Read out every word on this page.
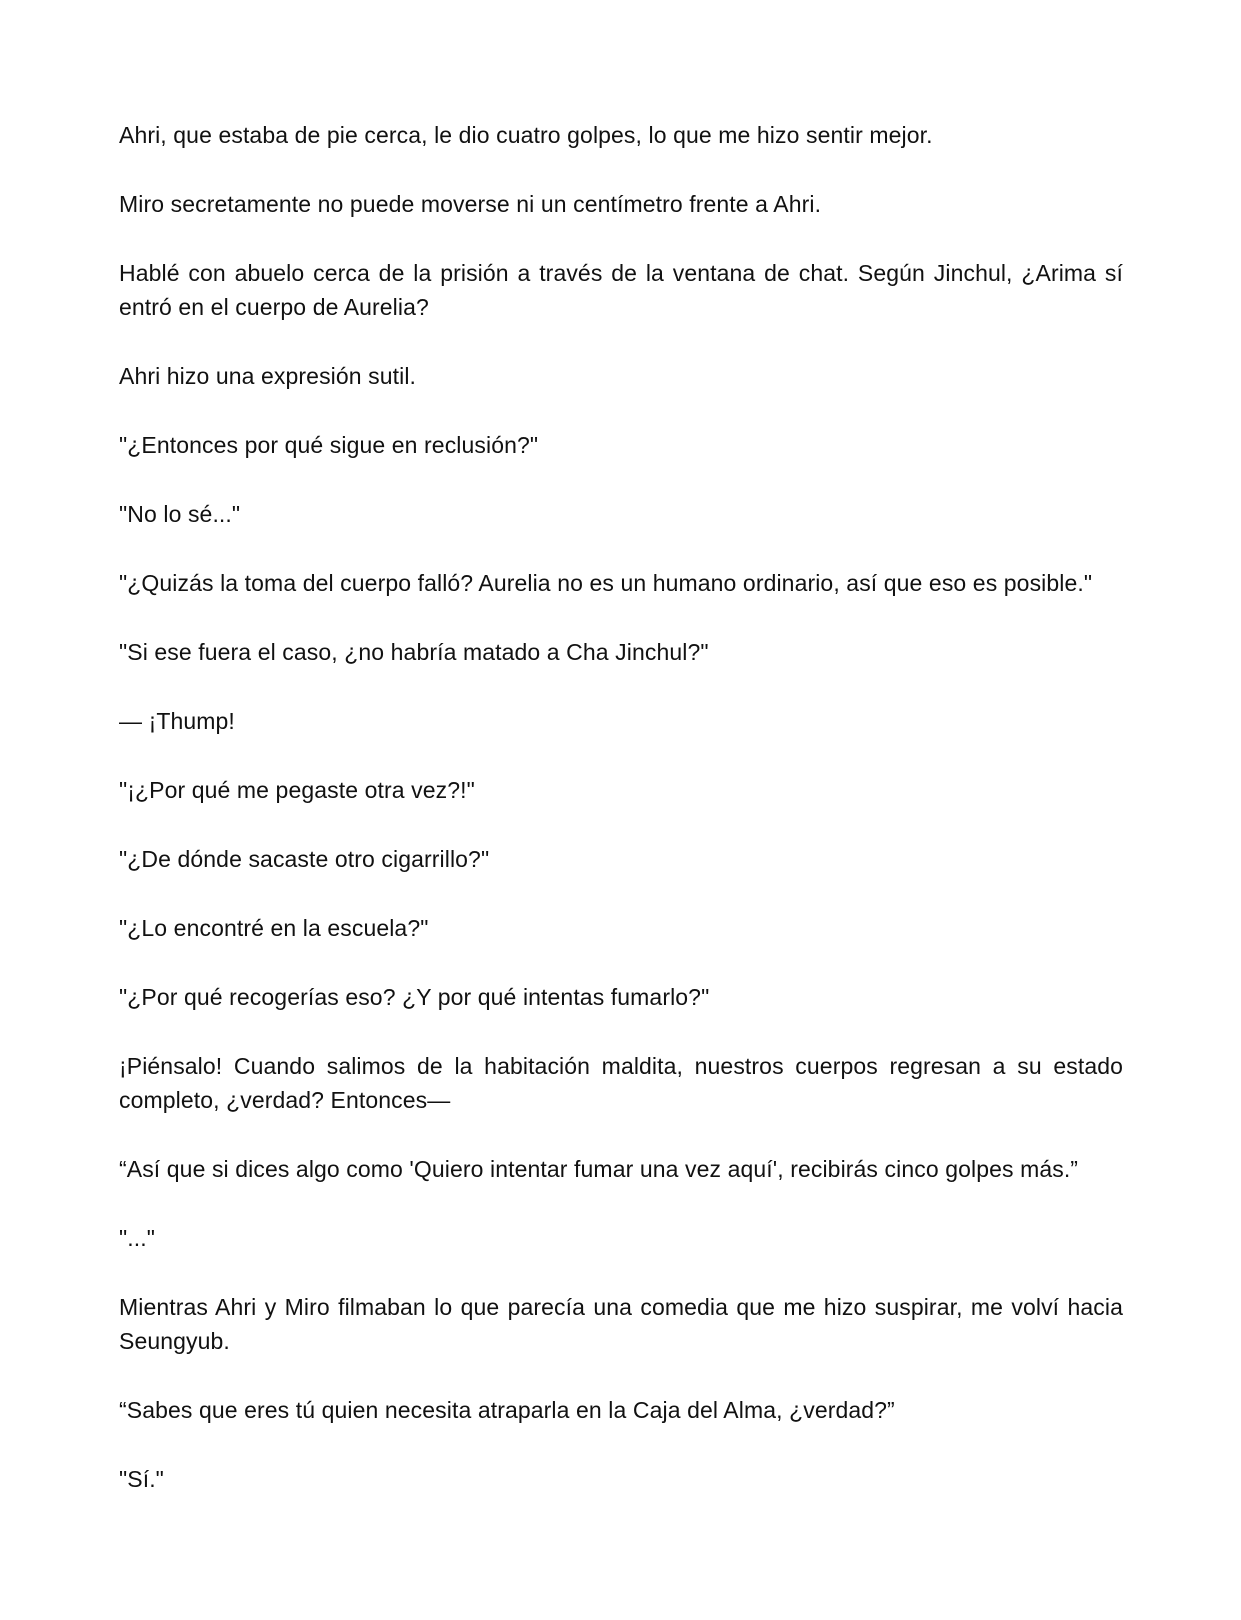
Ahri, que estaba de pie cerca, le dio cuatro golpes, lo que me hizo sentir mejor.

Miro secretamente no puede moverse ni un centímetro frente a Ahri.

Hablé con abuelo cerca de la prisión a través de la ventana de chat. Según Jinchul, ¿Arima sí entró en el cuerpo de Aurelia?

Ahri hizo una expresión sutil.

"¿Entonces por qué sigue en reclusión?"

"No lo sé..."

"¿Quizás la toma del cuerpo falló? Aurelia no es un humano ordinario, así que eso es posible."

"Si ese fuera el caso, ¿no habría matado a Cha Jinchul?"

— ¡Thump!

"¡¿Por qué me pegaste otra vez?!"

"¿De dónde sacaste otro cigarrillo?"

"¿Lo encontré en la escuela?"

"¿Por qué recogerías eso? ¿Y por qué intentas fumarlo?"

¡Piénsalo! Cuando salimos de la habitación maldita, nuestros cuerpos regresan a su estado completo, ¿verdad? Entonces—

“Así que si dices algo como 'Quiero intentar fumar una vez aquí', recibirás cinco golpes más.”

"..."

Mientras Ahri y Miro filmaban lo que parecía una comedia que me hizo suspirar, me volví hacia Seungyub.

“Sabes que eres tú quien necesita atraparla en la Caja del Alma, ¿verdad?”

"Sí."
